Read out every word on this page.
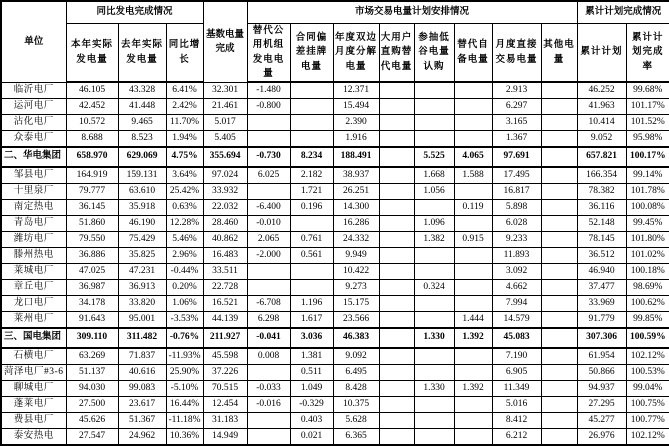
单位	同比发电完成情况			基数电量完成	市场交易电量计划安排情况								累计计划完成情况	
	本年实际发电量	去年实际发电量	同比增长		替代公用机组发电电量	合同偏差挂牌电量	年度双边月度分解电量	大用户直购替代电量	参抽低谷电量认购	替代自备电量	月度直接交易电量	其他电量	累计计划	累计计划完成率
临沂电厂	46.105	43.328	6.41%	32.301	-1.480		12.371				2.913		46.252	99.68%
运河电厂	42.452	41.448	2.42%	21.461	-0.800		15.494				6.297		41.963	101.17%
沾化电厂	10.572	9.465	11.70%	5.017			2.390				3.165		10.414	101.52%
众泰电厂	8.688	8.523	1.94%	5.405			1.916				1.367		9.052	95.98%
二、华电集团	658.970	629.069	4.75%	355.694	-0.730	8.234	188.491		5.525	4.065	97.691		657.821	100.17%
邹县电厂	164.919	159.131	3.64%	97.024	6.025	2.182	38.937		1.668	1.588	17.495		166.354	99.14%
十里泉厂	79.777	63.610	25.42%	33.932		1.721	26.251		1.056		16.817		78.382	101.78%
南定热电	36.145	35.918	0.63%	22.032	-6.400	0.196	14.300			0.119	5.898		36.116	100.08%
青岛电厂	51.860	46.190	12.28%	28.460	-0.010		16.286		1.096		6.028		52.148	99.45%
潍坊电厂	79.550	75.429	5.46%	40.862	2.065	0.761	24.332		1.382	0.915	9.233		78.145	101.80%
滕州热电	36.886	35.825	2.96%	16.483	-2.000	0.561	9.949				11.893		36.512	101.02%
莱城电厂	47.025	47.231	-0.44%	33.511			10.422				3.092		46.940	100.18%
章丘电厂	36.987	36.913	0.20%	22.728			9.273		0.324		4.662		37.477	98.69%
龙口电厂	34.178	33.820	1.06%	16.521	-6.708	1.196	15.175				7.994		33.969	100.62%
莱州电厂	91.643	95.001	-3.53%	44.139	6.298	1.617	23.566			1.444	14.579		91.779	99.85%
三、国电集团	309.110	311.482	-0.76%	211.927	-0.041	3.036	46.383		1.330	1.392	45.083		307.306	100.59%
石横电厂	63.269	71.837	-11.93%	45.598	0.008	1.381	9.092				7.190		61.954	102.12%
菏泽电厂#3-6	51.137	40.616	25.90%	37.226		0.511	6.495				6.905		50.866	100.53%
聊城电厂	94.030	99.083	-5.10%	70.515	-0.033	1.049	8.428		1.330	1.392	11.349		94.937	99.04%
蓬莱电厂	27.500	23.617	16.44%	12.454	-0.016	-0.329	10.375				5.016		27.295	100.75%
费县电厂	45.626	51.367	-11.18%	31.183		0.403	5.628				8.412		45.277	100.77%
泰安热电	27.547	24.962	10.36%	14.949		0.021	6.365				6.212		26.976	102.12%
